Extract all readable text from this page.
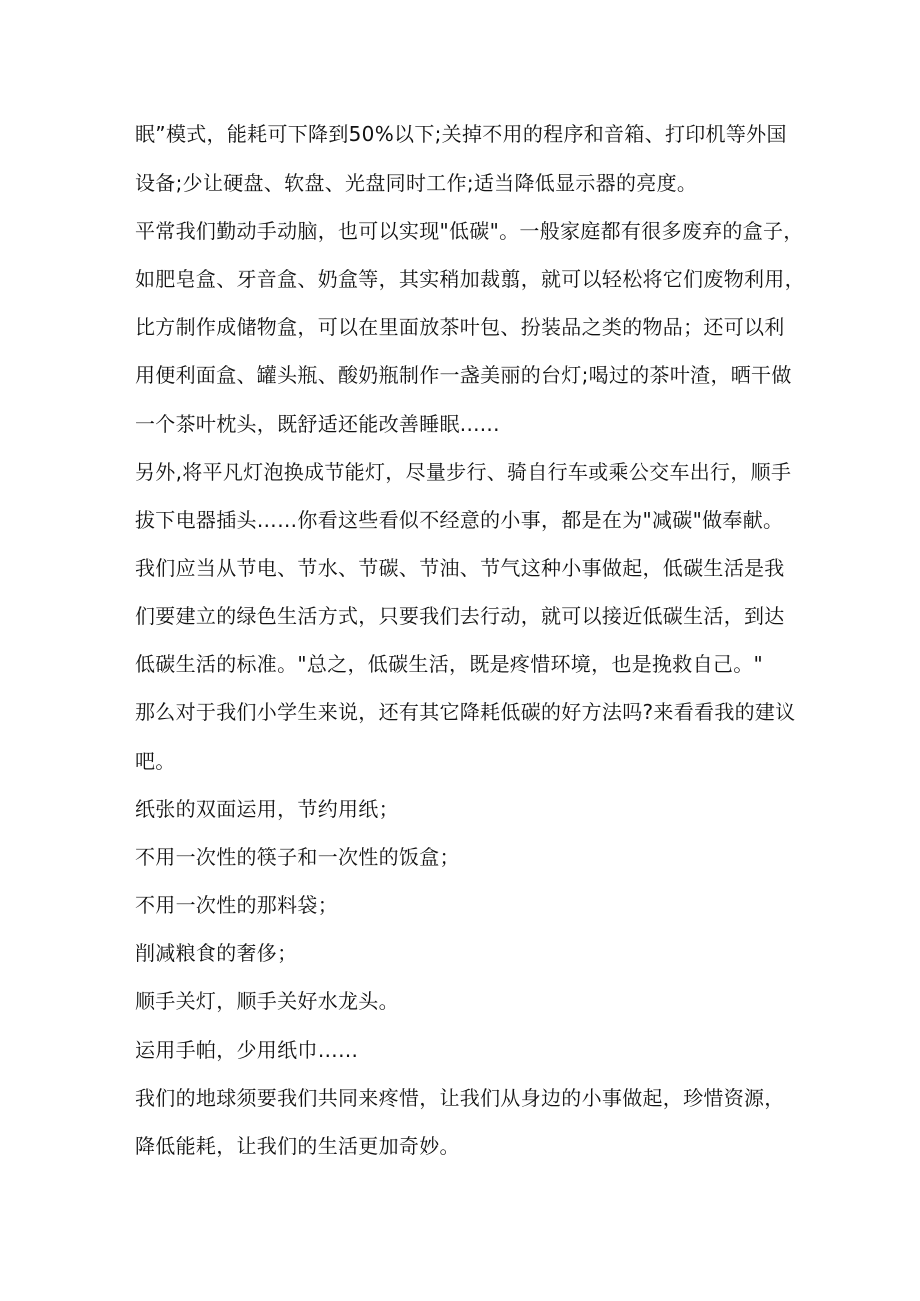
眠”模式，能耗可下降到50%以下;关掉不用的程序和音箱、打印机等外国
设备;少让硬盘、软盘、光盘同时工作;适当降低显示器的亮度。
平常我们勤动手动脑，也可以实现"低碳"。一般家庭都有很多废弃的盒子，
如肥皂盒、牙音盒、奶盒等，其实稍加裁翦，就可以轻松将它们废物利用，
比方制作成储物盒，可以在里面放茶叶包、扮装品之类的物品；还可以利
用便利面盒、罐头瓶、酸奶瓶制作一盏美丽的台灯;喝过的茶叶渣，晒干做
一个茶叶枕头，既舒适还能改善睡眠......
另外,将平凡灯泡换成节能灯，尽量步行、骑自行车或乘公交车出行，顺手
拔下电器插头……你看这些看似不经意的小事，都是在为"减碳"做奉献。
我们应当从节电、节水、节碳、节油、节气这种小事做起，低碳生活是我
们要建立的绿色生活方式，只要我们去行动，就可以接近低碳生活，到达
低碳生活的标准。"总之，低碳生活，既是疼惜环境，也是挽救自己。"
那么对于我们小学生来说，还有其它降耗低碳的好方法吗?来看看我的建议
吧。
纸张的双面运用，节约用纸；
不用一次性的筷子和一次性的饭盒；
不用一次性的那料袋；
削减粮食的奢侈；
顺手关灯，顺手关好水龙头。
运用手帕，少用纸巾……
我们的地球须要我们共同来疼惜，让我们从身边的小事做起，珍惜资源，
降低能耗，让我们的生活更加奇妙。
